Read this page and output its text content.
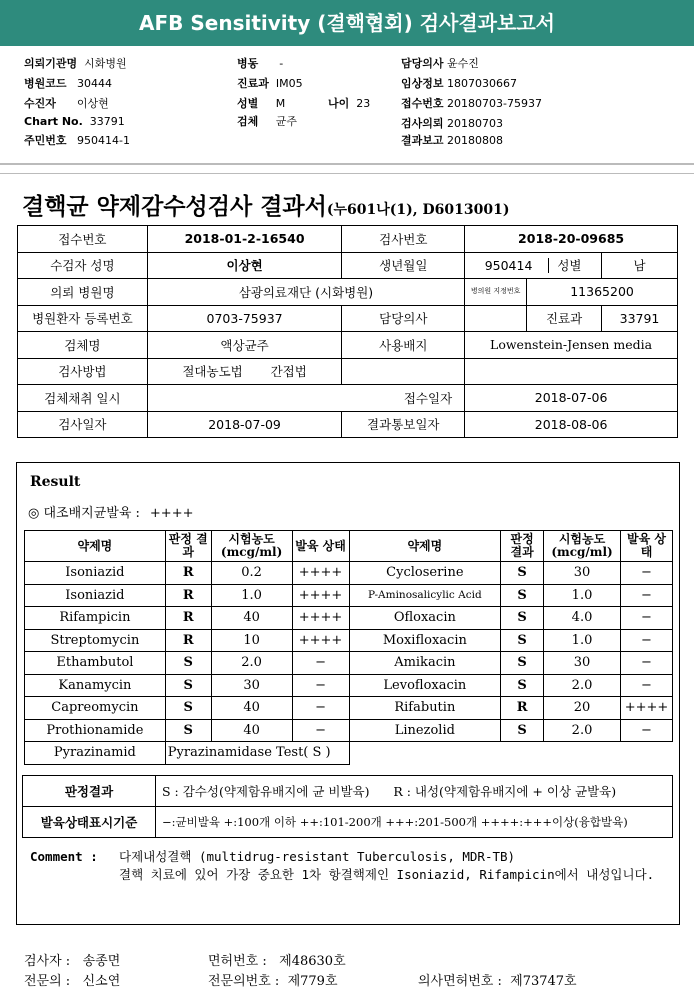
AFB Sensitivity (결핵협회) 검사결과보고서
의뢰기관명 시화병원
병원코드 30444
수진자 이상현
Chart No. 33791
주민번호 950414-1
병동 -
진료과 IM05
성별 M	나이 23
검체 균주
담당의사 윤수진
임상정보 1807030667
접수번호 20180703-75937
검사의뢰 20180703
결과보고 20180808
결핵균 약제감수성검사 결과서(누601나(1), D6013001)
접수번호	2018-01-2-16540	검사번호	2018-20-09685		
수검자 성명	이상현	생년월일	950414 성별		남
의뢰 병원명	삼광의료재단 (시화병원)		병의원 지정번호	11365200	
병원환자 등록번호	0703-75937	담당의사		진료과	33791
검체명	액상균주	사용배지	Lowenstein-Jensen media		
검사방법	절대농도법 간접법				
검체채취 일시	접수일자		2018-07-06		
검사일자	2018-07-09	결과통보일자	2018-08-06		
Result
◎ 대조배지균발육 : ++++
약제명	판정 결과	시험농도 (mcg/ml)	발육 상태	약제명	판정 결과	시험농도 (mcg/ml)	발육 상태
Isoniazid	R	0.2	++++	Cycloserine	S	30	−
Isoniazid	R	1.0	++++	P-Aminosalicylic Acid	S	1.0	−
Rifampicin	R	40	++++	Ofloxacin	S	4.0	−
Streptomycin	R	10	++++	Moxifloxacin	S	1.0	−
Ethambutol	S	2.0	−	Amikacin	S	30	−
Kanamycin	S	30	−	Levofloxacin	S	2.0	−
Capreomycin	S	40	−	Rifabutin	R	20	++++
Prothionamide	S	40	−	Linezolid	S	2.0	−
Pyrazinamid	Pyrazinamidase Test( S )						
판정결과	S : 감수성(약제함유배지에 균 비발육) R : 내성(약제함유배지에 + 이상 균발육)
발육상태표시기준	−:균비발육 +:100개 이하 ++:101-200개 +++:201-500개 ++++:+++이상(융합발육)
Comment : 다제내성결핵 (multidrug-resistant Tuberculosis, MDR-TB)
결핵 치료에 있어 가장 중요한 1차 항결핵제인 Isoniazid, Rifampicin에서 내성입니다.
검사자 : 송종면	면허번호 : 제48630호
전문의 : 신소연	전문의번호 : 제779호	의사면허번호 : 제73747호
